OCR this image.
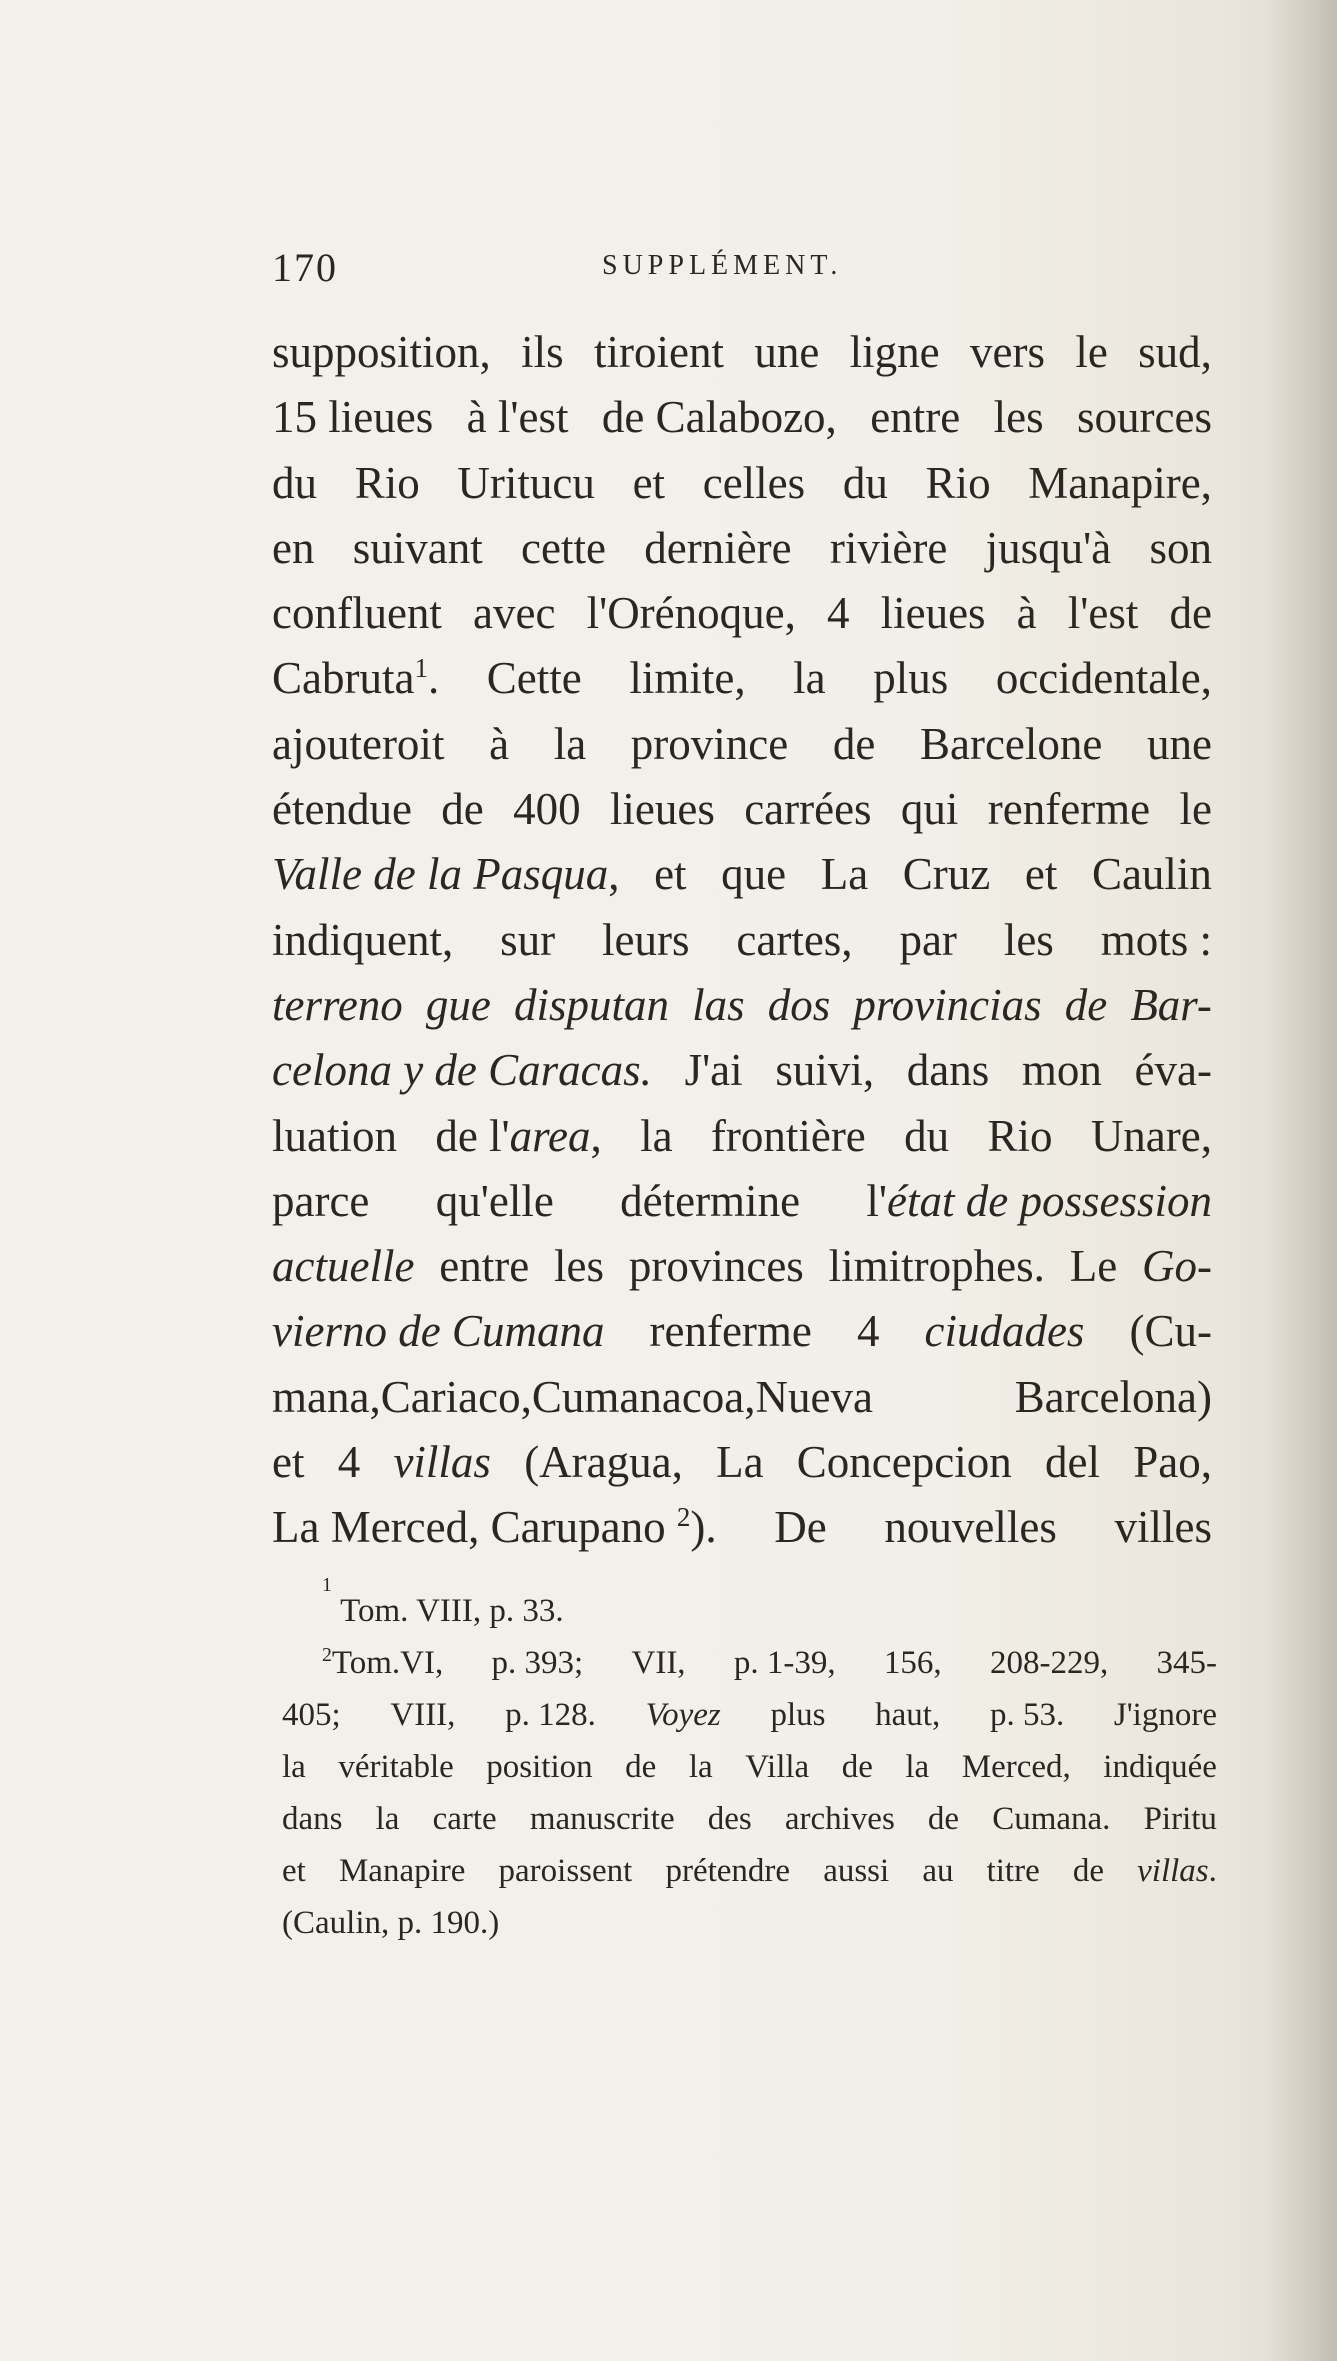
170	SUPPLÉMENT.
supposition, ils tiroient une ligne vers le sud,
15 lieues à l'est de Calabozo, entre les sources
du Rio Uritucu et celles du Rio Manapire,
en suivant cette dernière rivière jusqu'à son
confluent avec l'Orénoque, 4 lieues à l'est de
Cabruta$^1$. Cette limite, la plus occidentale,
ajouteroit à la province de Barcelone une
étendue de 400 lieues carrées qui renferme le
Valle de la Pasqua, et que La Cruz et Caulin
indiquent, sur leurs cartes, par les mots :
terreno gue disputan las dos provincias de Bar-
celona y de Caracas. J'ai suivi, dans mon éva-
luation de l'area, la frontière du Rio Unare,
parce qu'elle détermine l'état de possession
actuelle entre les provinces limitrophes. Le Go-
vierno de Cumana renferme 4 ciudades (Cu-
mana,Cariaco,Cumanacoa,Nueva	Barcelona)
et 4 villas (Aragua, La Concepcion del Pao,
La Merced, Carupano $^2$). De nouvelles villes
1

Tom. VIII, p. 33.
$^2$Tom.VI, p. 393; VII, p. 1-39, 156, 208-229, 345-
405; VIII, p. 128. Voyez plus haut, p. 53. J'ignore
la véritable position de la Villa de la Merced, indiquée
dans la carte manuscrite des archives de Cumana. Piritu
et Manapire paroissent prétendre aussi au titre de villas.
(Caulin, p. 190.)
